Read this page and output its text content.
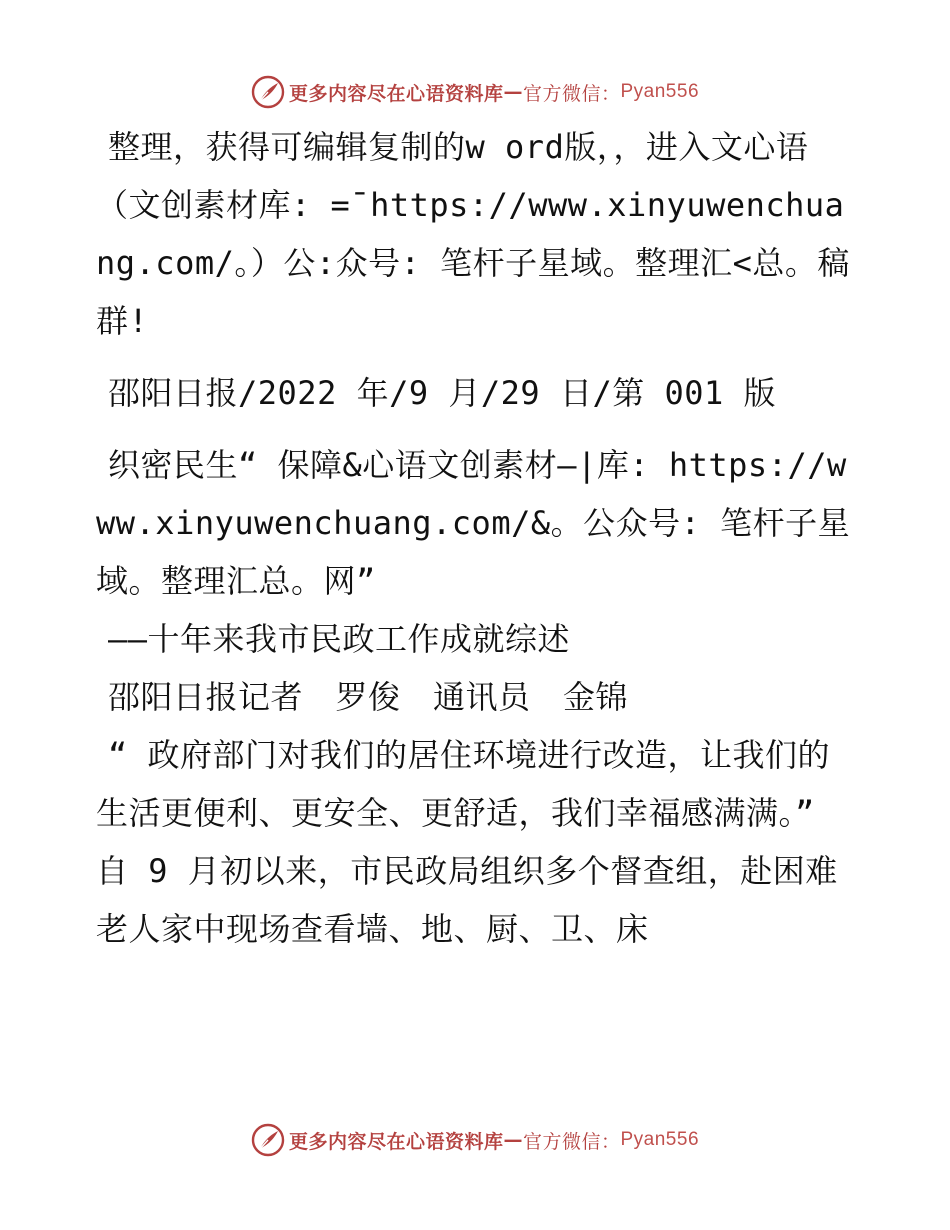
更多内容尽在心语资料库 — 官方微信： Pyan556

整理，获得可编辑复制的w ord版，，进入文心语（文创素材库: =¯https://www.xinyuwenchuang.com/。）公:众号: 笔杆子星域。整理汇<总。稿群!

邵阳日报/2022 年/9 月/29 日/第 001 版

织密民生“ 保障&心语文创素材—|库: https://www.xinyuwenchuang.com/&。公众号: 笔杆子星域。整理汇总。网”

——十年来我市民政工作成就综述

邵阳日报记者　罗俊　通讯员　金锦

“ 政府部门对我们的居住环境进行改造，让我们的生活更便利、更安全、更舒适，我们幸福感满满。” 自 9 月初以来，市民政局组织多个督查组，赴困难老人家中现场查看墙、地、厨、卫、床

更多内容尽在心语资料库 — 官方微信： Pyan556
